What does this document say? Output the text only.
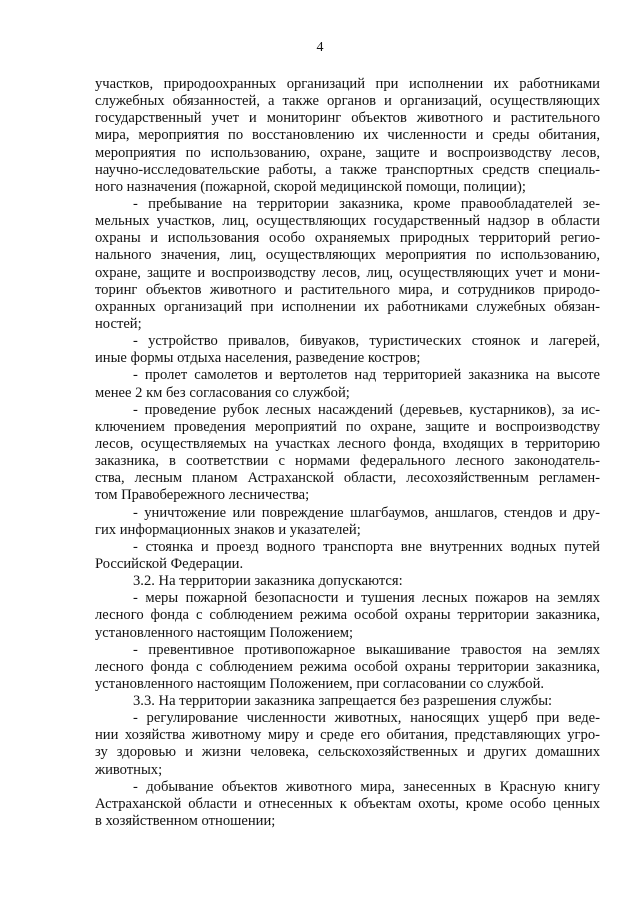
4
участков, природоохранных организаций при исполнении их работниками
служебных обязанностей, а также органов и организаций, осуществляющих
государственный учет и мониторинг объектов животного и растительного
мира, мероприятия по восстановлению их численности и среды обитания,
мероприятия по использованию, охране, защите и воспроизводству лесов,
научно-исследовательские работы, а также транспортных средств специаль-
ного назначения (пожарной, скорой медицинской помощи, полиции);
- пребывание на территории заказника, кроме правообладателей зе-
мельных участков, лиц, осуществляющих государственный надзор в области
охраны и использования особо охраняемых природных территорий регио-
нального значения, лиц, осуществляющих мероприятия по использованию,
охране, защите и воспроизводству лесов, лиц, осуществляющих учет и мони-
торинг объектов животного и растительного мира, и сотрудников природо-
охранных организаций при исполнении их работниками служебных обязан-
ностей;
- устройство привалов, бивуаков, туристических стоянок и лагерей,
иные формы отдыха населения, разведение костров;
- пролет самолетов и вертолетов над территорией заказника на высоте
менее 2 км без согласования со службой;
- проведение рубок лесных насаждений (деревьев, кустарников), за ис-
ключением проведения мероприятий по охране, защите и воспроизводству
лесов, осуществляемых на участках лесного фонда, входящих в территорию
заказника, в соответствии с нормами федерального лесного законодатель-
ства, лесным планом Астраханской области, лесохозяйственным регламен-
том Правобережного лесничества;
- уничтожение или повреждение шлагбаумов, аншлагов, стендов и дру-
гих информационных знаков и указателей;
- стоянка и проезд водного транспорта вне внутренних водных путей
Российской Федерации.
3.2. На территории заказника допускаются:
- меры пожарной безопасности и тушения лесных пожаров на землях
лесного фонда с соблюдением режима особой охраны территории заказника,
установленного настоящим Положением;
- превентивное противопожарное выкашивание травостоя на землях
лесного фонда с соблюдением режима особой охраны территории заказника,
установленного настоящим Положением, при согласовании со службой.
3.3. На территории заказника запрещается без разрешения службы:
- регулирование численности животных, наносящих ущерб при веде-
нии хозяйства животному миру и среде его обитания, представляющих угро-
зу здоровью и жизни человека, сельскохозяйственных и других домашних
животных;
- добывание объектов животного мира, занесенных в Красную книгу
Астраханской области и отнесенных к объектам охоты, кроме особо ценных
в хозяйственном отношении;
